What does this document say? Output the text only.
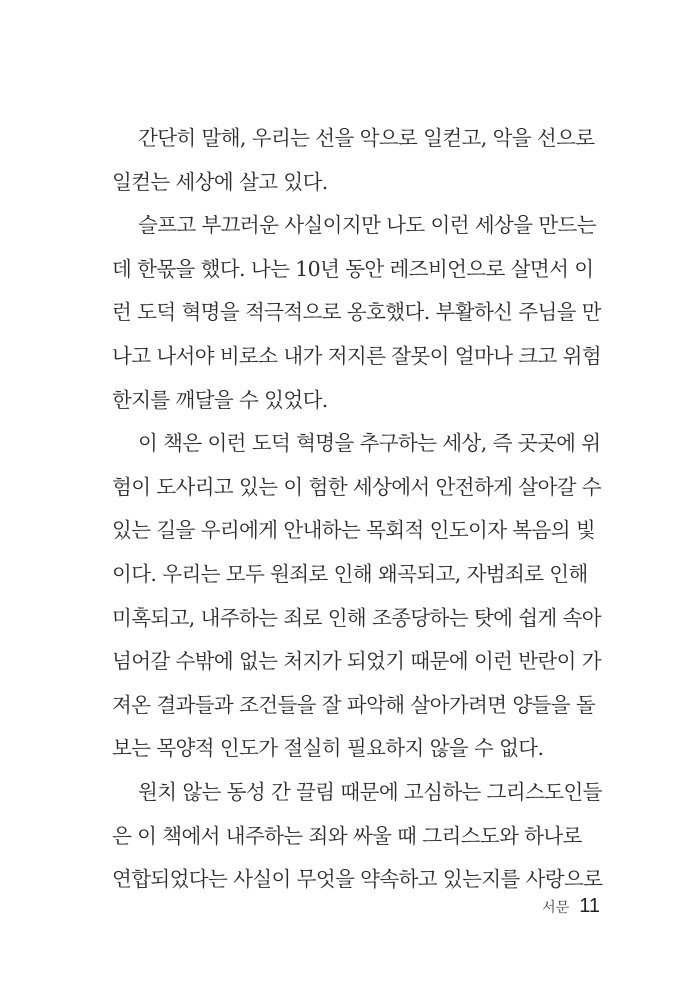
간단히 말해, 우리는 선을 악으로 일컫고, 악을 선으로
일컫는 세상에 살고 있다.
슬프고 부끄러운 사실이지만 나도 이런 세상을 만드는
데 한몫을 했다. 나는 10년 동안 레즈비언으로 살면서 이
런 도덕 혁명을 적극적으로 옹호했다. 부활하신 주님을 만
나고 나서야 비로소 내가 저지른 잘못이 얼마나 크고 위험
한지를 깨달을 수 있었다.
이 책은 이런 도덕 혁명을 추구하는 세상, 즉 곳곳에 위
험이 도사리고 있는 이 험한 세상에서 안전하게 살아갈 수
있는 길을 우리에게 안내하는 목회적 인도이자 복음의 빛
이다. 우리는 모두 원죄로 인해 왜곡되고, 자범죄로 인해
미혹되고, 내주하는 죄로 인해 조종당하는 탓에 쉽게 속아
넘어갈 수밖에 없는 처지가 되었기 때문에 이런 반란이 가
져온 결과들과 조건들을 잘 파악해 살아가려면 양들을 돌
보는 목양적 인도가 절실히 필요하지 않을 수 없다.
원치 않는 동성 간 끌림 때문에 고심하는 그리스도인들
은 이 책에서 내주하는 죄와 싸울 때 그리스도와 하나로
연합되었다는 사실이 무엇을 약속하고 있는지를 사랑으로
서문 11
